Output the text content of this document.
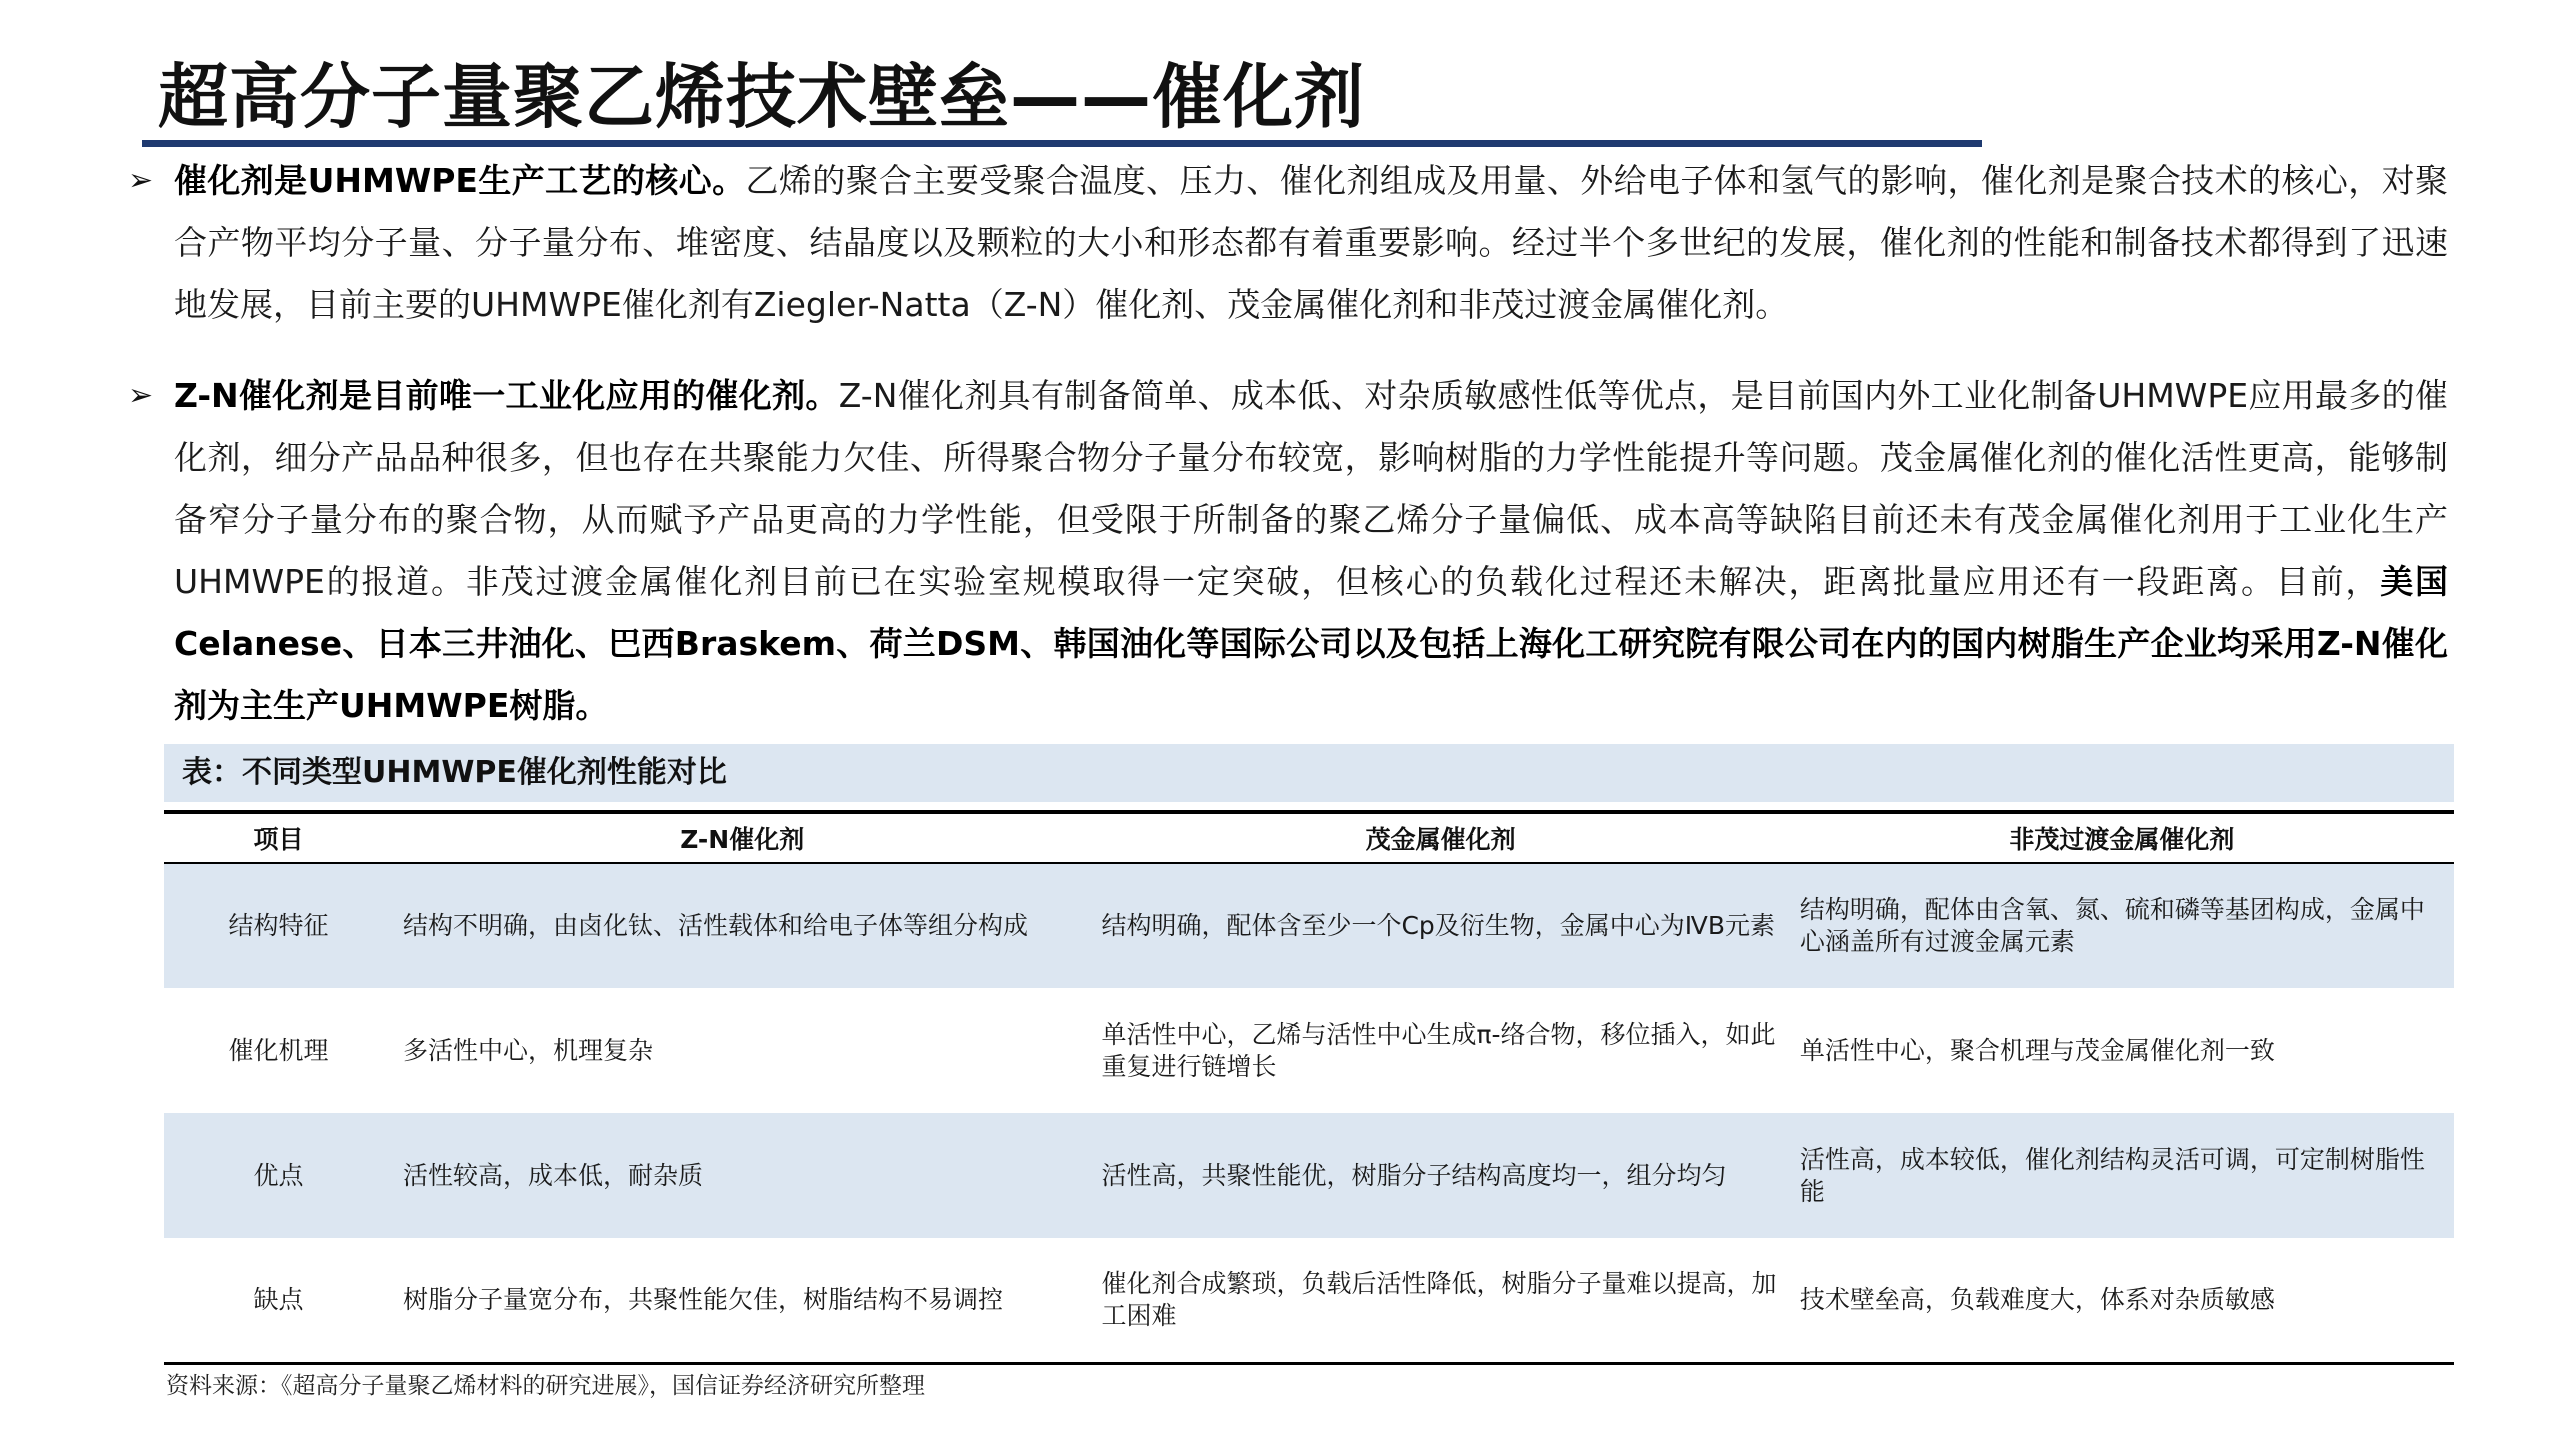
超高分子量聚乙烯技术壁垒——催化剂
➢ 催化剂是UHMWPE生产工艺的核心。乙烯的聚合主要受聚合温度、压力、催化剂组成及用量、外给电子体和氢气的影响，催化剂是聚合技术的核心，对聚合产物平均分子量、分子量分布、堆密度、结晶度以及颗粒的大小和形态都有着重要影响。经过半个多世纪的发展，催化剂的性能和制备技术都得到了迅速地发展，目前主要的UHMWPE催化剂有Ziegler-Natta（Z-N）催化剂、茂金属催化剂和非茂过渡金属催化剂。
➢ Z-N催化剂是目前唯一工业化应用的催化剂。Z-N催化剂具有制备简单、成本低、对杂质敏感性低等优点，是目前国内外工业化制备UHMWPE应用最多的催化剂，细分产品品种很多，但也存在共聚能力欠佳、所得聚合物分子量分布较宽，影响树脂的力学性能提升等问题。茂金属催化剂的催化活性更高，能够制备窄分子量分布的聚合物，从而赋予产品更高的力学性能，但受限于所制备的聚乙烯分子量偏低、成本高等缺陷目前还未有茂金属催化剂用于工业化生产UHMWPE的报道。非茂过渡金属催化剂目前已在实验室规模取得一定突破，但核心的负载化过程还未解决，距离批量应用还有一段距离。目前，美国Celanese、日本三井油化、巴西Braskem、荷兰DSM、韩国油化等国际公司以及包括上海化工研究院有限公司在内的国内树脂生产企业均采用Z-N催化剂为主生产UHMWPE树脂。
表：不同类型UHMWPE催化剂性能对比
项目	Z-N催化剂	茂金属催化剂	非茂过渡金属催化剂
结构特征	结构不明确，由卤化钛、活性载体和给电子体等组分构成	结构明确，配体含至少一个Cp及衍生物，金属中心为ⅣB元素	结构明确，配体由含氧、氮、硫和磷等基团构成，金属中心涵盖所有过渡金属元素
催化机理	多活性中心，机理复杂	单活性中心，乙烯与活性中心生成π-络合物，移位插入，如此重复进行链增长	单活性中心，聚合机理与茂金属催化剂一致
优点	活性较高，成本低，耐杂质	活性高，共聚性能优，树脂分子结构高度均一，组分均匀	活性高，成本较低，催化剂结构灵活可调，可定制树脂性能
缺点	树脂分子量宽分布，共聚性能欠佳，树脂结构不易调控	催化剂合成繁琐，负载后活性降低，树脂分子量难以提高，加工困难	技术壁垒高，负载难度大，体系对杂质敏感
资料来源：《超高分子量聚乙烯材料的研究进展》，国信证券经济研究所整理
